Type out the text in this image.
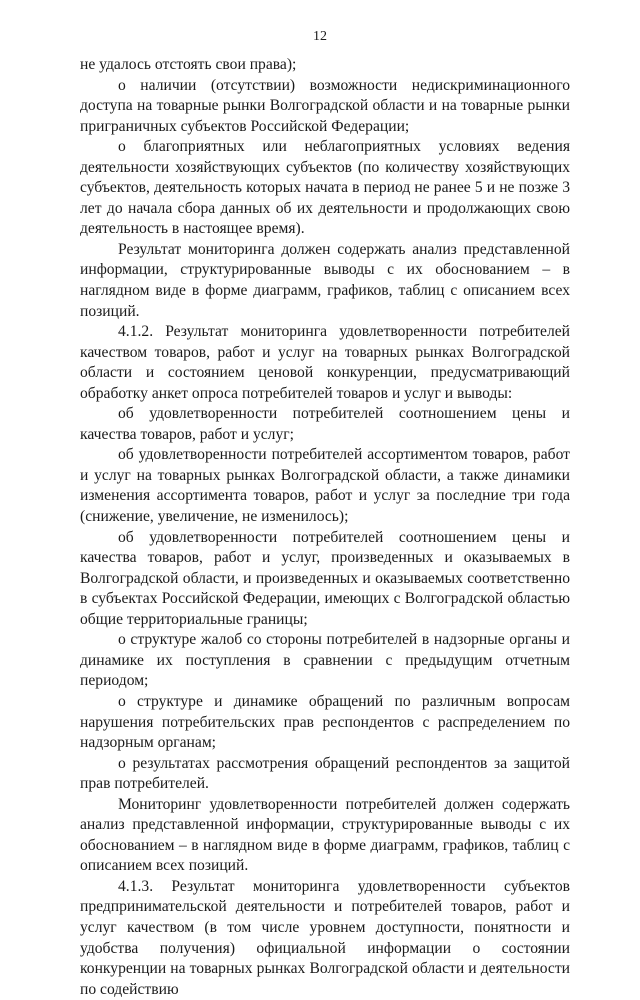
12

не удалось отстоять свои права);

о наличии (отсутствии) возможности недискриминационного доступа на товарные рынки Волгоградской области и на товарные рынки приграничных субъектов Российской Федерации;

о благоприятных или неблагоприятных условиях ведения деятельности хозяйствующих субъектов (по количеству хозяйствующих субъектов, деятельность которых начата в период не ранее 5 и не позже 3 лет до начала сбора данных об их деятельности и продолжающих свою деятельность в настоящее время).

Результат мониторинга должен содержать анализ представленной информации, структурированные выводы с их обоснованием – в наглядном виде в форме диаграмм, графиков, таблиц с описанием всех позиций.

4.1.2. Результат мониторинга удовлетворенности потребителей качеством товаров, работ и услуг на товарных рынках Волгоградской области и состоянием ценовой конкуренции, предусматривающий обработку анкет опроса потребителей товаров и услуг и выводы:

об удовлетворенности потребителей соотношением цены и качества товаров, работ и услуг;

об удовлетворенности потребителей ассортиментом товаров, работ и услуг на товарных рынках Волгоградской области, а также динамики изменения ассортимента товаров, работ и услуг за последние три года (снижение, увеличение, не изменилось);

об удовлетворенности потребителей соотношением цены и качества товаров, работ и услуг, произведенных и оказываемых в Волгоградской области, и произведенных и оказываемых соответственно в субъектах Российской Федерации, имеющих с Волгоградской областью общие территориальные границы;

о структуре жалоб со стороны потребителей в надзорные органы и динамике их поступления в сравнении с предыдущим отчетным периодом;

о структуре и динамике обращений по различным вопросам нарушения потребительских прав респондентов с распределением по надзорным органам;

о результатах рассмотрения обращений респондентов за защитой прав потребителей.

Мониторинг удовлетворенности потребителей должен содержать анализ представленной информации, структурированные выводы с их обоснованием – в наглядном виде в форме диаграмм, графиков, таблиц с описанием всех позиций.

4.1.3. Результат мониторинга удовлетворенности субъектов предпринимательской деятельности и потребителей товаров, работ и услуг качеством (в том числе уровнем доступности, понятности и удобства получения) официальной информации о состоянии конкуренции на товарных рынках Волгоградской области и деятельности по содействию
